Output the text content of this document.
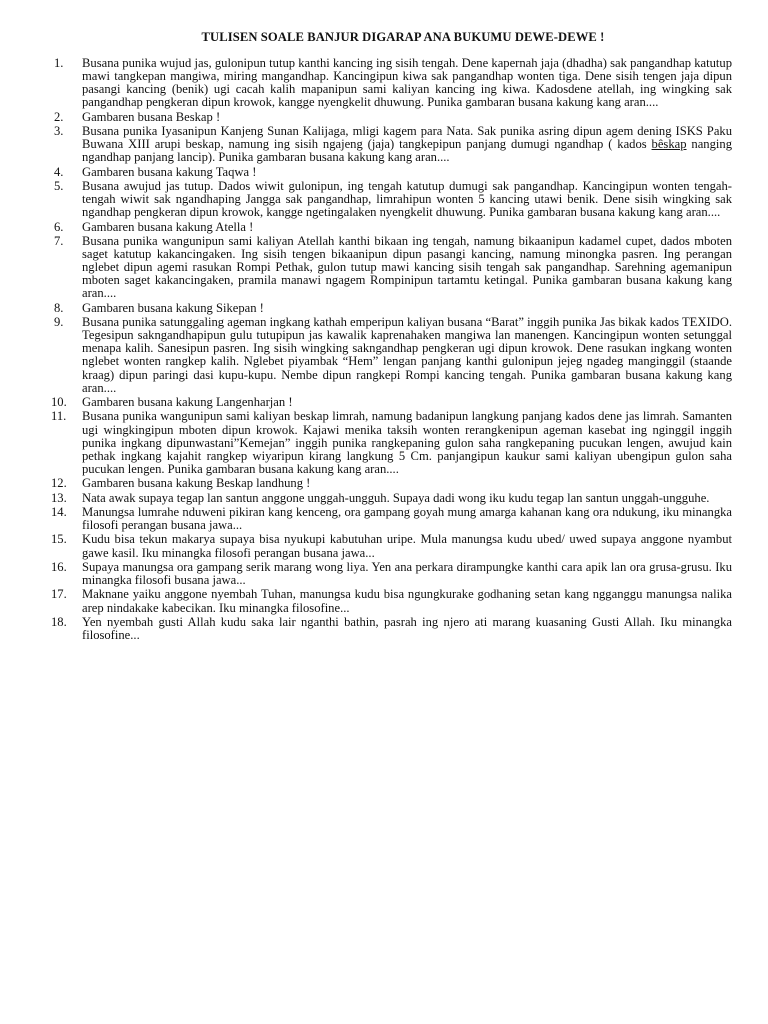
TULISEN SOALE BANJUR DIGARAP ANA BUKUMU DEWE-DEWE !
1.	Busana punika wujud jas, gulonipun tutup kanthi kancing ing sisih tengah. Dene kapernah jaja (dhadha) sak pangandhap katutup mawi tangkepan mangiwa, miring mangandhap. Kancingipun kiwa sak pangandhap wonten tiga. Dene sisih tengen jaja dipun pasangi kancing (benik) ugi cacah kalih mapanipun sami kaliyan kancing ing kiwa. Kadosdene atellah, ing wingking sak pangandhap pengkeran dipun krowok, kangge nyengkelit dhuwung. Punika gambaran busana kakung kang aran....
2.	Gambaren busana Beskap !
3.	Busana punika Iyasanipun Kanjeng Sunan Kalijaga, mligi kagem para Nata. Sak punika asring dipun agem dening ISKS Paku Buwana XIII arupi beskap, namung ing sisih ngajeng (jaja) tangkepipun panjang dumugi ngandhap ( kados bêskap nanging ngandhap panjang lancip). Punika gambaran busana kakung kang aran....
4.	Gambaren busana kakung Taqwa !
5.	Busana awujud jas tutup. Dados wiwit gulonipun, ing tengah katutup dumugi sak pangandhap. Kancingipun wonten tengah-tengah wiwit sak ngandhaping Jangga sak pangandhap, limrahipun wonten 5 kancing utawi benik. Dene sisih wingking sak ngandhap pengkeran dipun krowok, kangge ngetingalaken nyengkelit dhuwung. Punika gambaran busana kakung kang aran....
6.	Gambaren busana kakung Atella !
7.	Busana punika wangunipun sami kaliyan Atellah kanthi bikaan ing tengah, namung bikaanipun kadamel cupet, dados mboten saget katutup kakancingaken. Ing sisih tengen bikaanipun dipun pasangi kancing, namung minongka pasren. Ing perangan nglebet dipun agemi rasukan Rompi Pethak, gulon tutup mawi kancing sisih tengah sak pangandhap. Sarehning agemanipun mboten saget kakancingaken, pramila manawi ngagem Rompinipun tartamtu ketingal. Punika gambaran busana kakung kang aran....
8.	Gambaren busana kakung Sikepan !
9.	Busana punika satunggaling ageman ingkang kathah emperipun kaliyan busana “Barat” inggih punika Jas bikak kados TEXIDO. Tegesipun sakngandhapipun gulu tutupipun jas kawalik kaprenahaken mangiwa lan manengen. Kancingipun wonten setunggal menapa kalih. Sanesipun pasren. Ing sisih wingking sakngandhap pengkeran ugi dipun krowok. Dene rasukan ingkang wonten nglebet wonten rangkep kalih. Nglebet piyambak “Hem” lengan panjang kanthi gulonipun jejeg ngadeg manginggil (staande kraag) dipun paringi dasi kupu-kupu. Nembe dipun rangkepi Rompi kancing tengah. Punika gambaran busana kakung kang aran....
10.	Gambaren busana kakung Langenharjan !
11.	Busana punika wangunipun sami kaliyan beskap limrah, namung badanipun langkung panjang kados dene jas limrah. Samanten ugi wingkingipun mboten dipun krowok. Kajawi menika taksih wonten rerangkenipun ageman kasebat ing nginggil inggih punika ingkang dipunwastani”Kemejan” inggih punika rangkepaning gulon saha rangkepaning pucukan lengen, awujud kain pethak ingkang kajahit rangkep wiyaripun kirang langkung 5 Cm. panjangipun kaukur sami kaliyan ubengipun gulon saha pucukan lengen. Punika gambaran busana kakung kang aran....
12.	Gambaren busana kakung Beskap landhung !
13.	Nata awak supaya tegap lan santun anggone unggah-ungguh. Supaya dadi wong iku kudu tegap lan santun unggah-ungguhe.
14.	Manungsa lumrahe nduweni pikiran kang kenceng, ora gampang goyah mung amarga kahanan kang ora ndukung, iku minangka filosofi perangan busana jawa...
15.	Kudu bisa tekun makarya supaya bisa nyukupi kabutuhan uripe. Mula manungsa kudu ubed/ uwed supaya anggone nyambut gawe kasil. Iku minangka filosofi perangan busana jawa...
16.	Supaya manungsa ora gampang serik marang wong liya. Yen ana perkara dirampungke kanthi cara apik lan ora grusa-grusu. Iku minangka filosofi busana jawa...
17.	Maknane yaiku anggone nyembah Tuhan, manungsa kudu bisa ngungkurake godhaning setan kang ngganggu manungsa nalika arep nindakake kabecikan. Iku minangka filosofine...
18.	Yen nyembah gusti Allah kudu saka lair nganthi bathin, pasrah ing njero ati marang kuasaning Gusti Allah. Iku minangka filosofine...
